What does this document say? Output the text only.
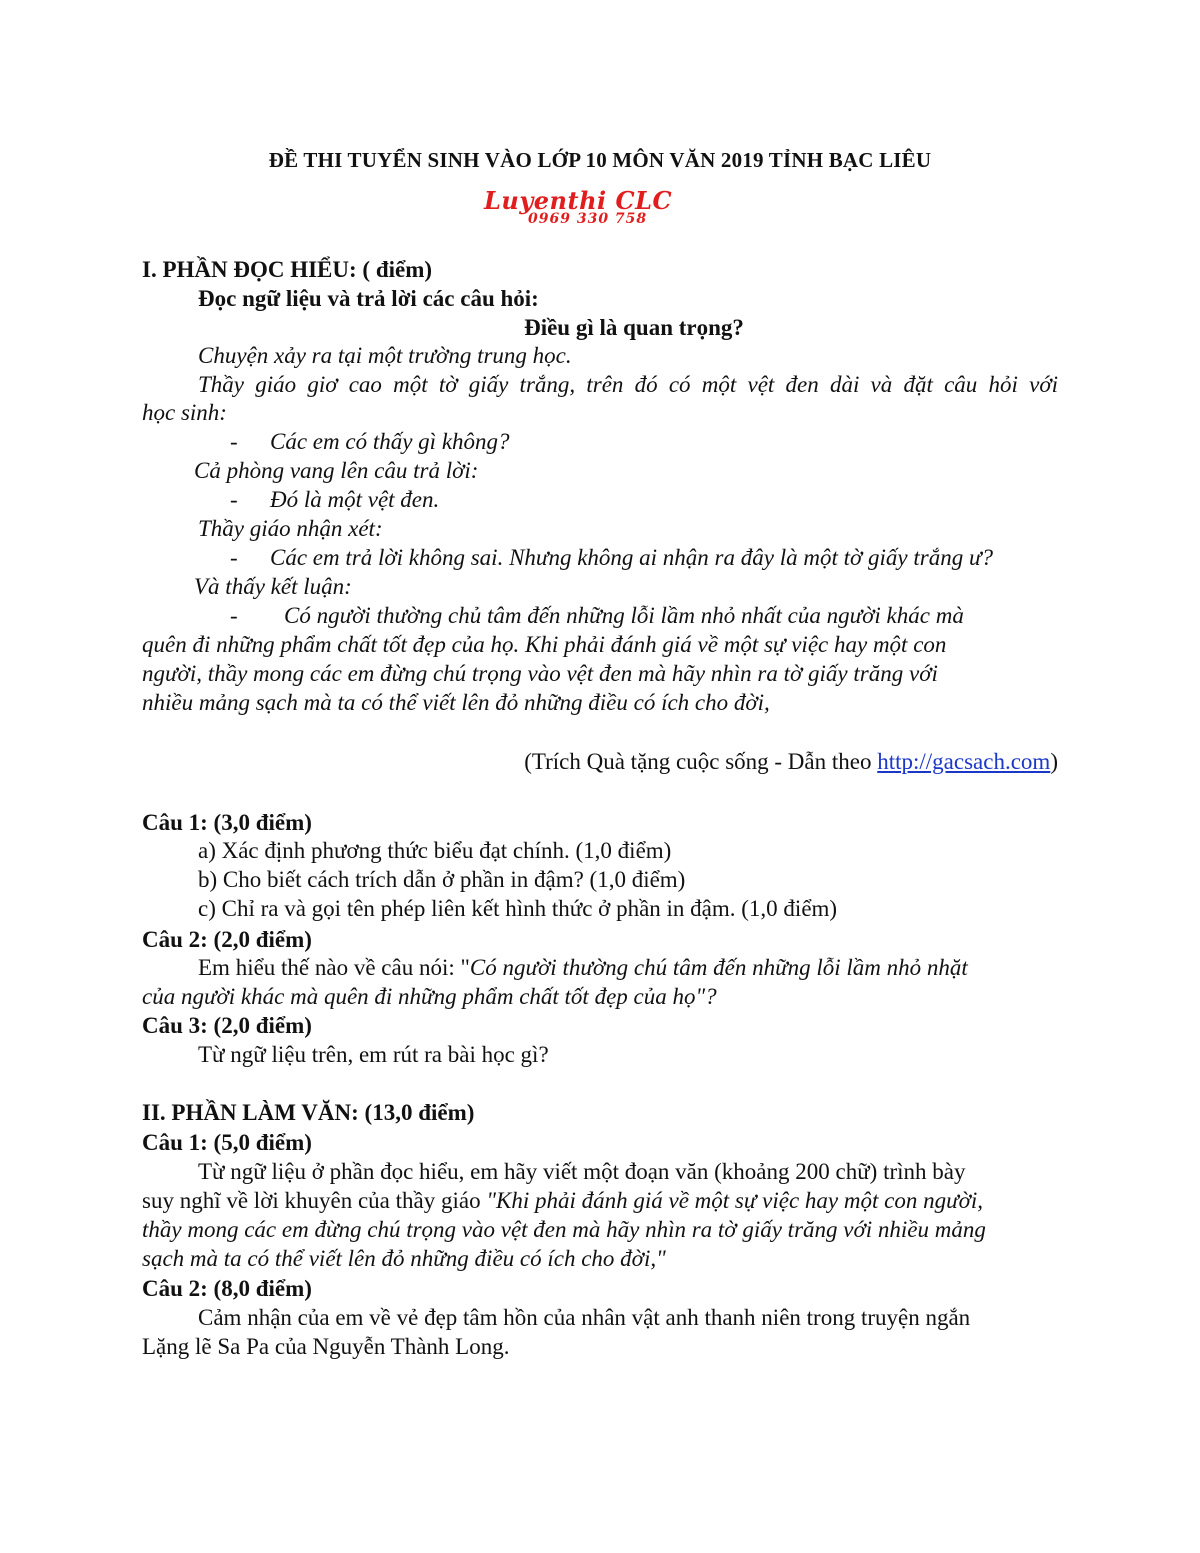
ĐỀ THI TUYỂN SINH VÀO LỚP 10 MÔN VĂN 2019 TỈNH BẠC LIÊU
Luyenthi CLC
0969 330 758
I. PHẦN ĐỌC HIỂU: ( điểm)
Đọc ngữ liệu và trả lời các câu hỏi:
Điều gì là quan trọng?
Chuyện xảy ra tại một trường trung học.
Thầy giáo giơ cao một tờ giấy trắng, trên đó có một vệt đen dài và đặt câu hỏi với
học sinh:
- Các em có thấy gì không?
Cả phòng vang lên câu trả lời:
- Đó là một vệt đen.
Thầy giáo nhận xét:
- Các em trả lời không sai. Nhưng không ai nhận ra đây là một tờ giấy trắng ư?
Và thấy kết luận:
- Có người thường chủ tâm đến những lỗi lầm nhỏ nhất của người khác mà
quên đi những phẩm chất tốt đẹp của họ. Khi phải đánh giá về một sự việc hay một con
người, thầy mong các em đừng chú trọng vào vệt đen mà hãy nhìn ra tờ giấy trăng với
nhiều mảng sạch mà ta có thể viết lên đỏ những điều có ích cho đời,
(Trích Quà tặng cuộc sống - Dẫn theo http://gacsach.com)
Câu 1: (3,0 điểm)
a) Xác định phương thức biểu đạt chính. (1,0 điểm)
b) Cho biết cách trích dẫn ở phần in đậm? (1,0 điểm)
c) Chỉ ra và gọi tên phép liên kết hình thức ở phần in đậm. (1,0 điểm)
Câu 2: (2,0 điểm)
Em hiểu thế nào về câu nói: "Có người thường chú tâm đến những lỗi lầm nhỏ nhặt
của người khác mà quên đi những phẩm chất tốt đẹp của họ"?
Câu 3: (2,0 điểm)
Từ ngữ liệu trên, em rút ra bài học gì?
II. PHẦN LÀM VĂN: (13,0 điểm)
Câu 1: (5,0 điểm)
Từ ngữ liệu ở phần đọc hiểu, em hãy viết một đoạn văn (khoảng 200 chữ) trình bày
suy nghĩ về lời khuyên của thầy giáo "Khi phải đánh giá về một sự việc hay một con người,
thầy mong các em đừng chú trọng vào vệt đen mà hãy nhìn ra tờ giấy trăng với nhiều mảng
sạch mà ta có thể viết lên đỏ những điều có ích cho đời,"
Câu 2: (8,0 điểm)
Cảm nhận của em về vẻ đẹp tâm hồn của nhân vật anh thanh niên trong truyện ngắn
Lặng lẽ Sa Pa của Nguyễn Thành Long.
